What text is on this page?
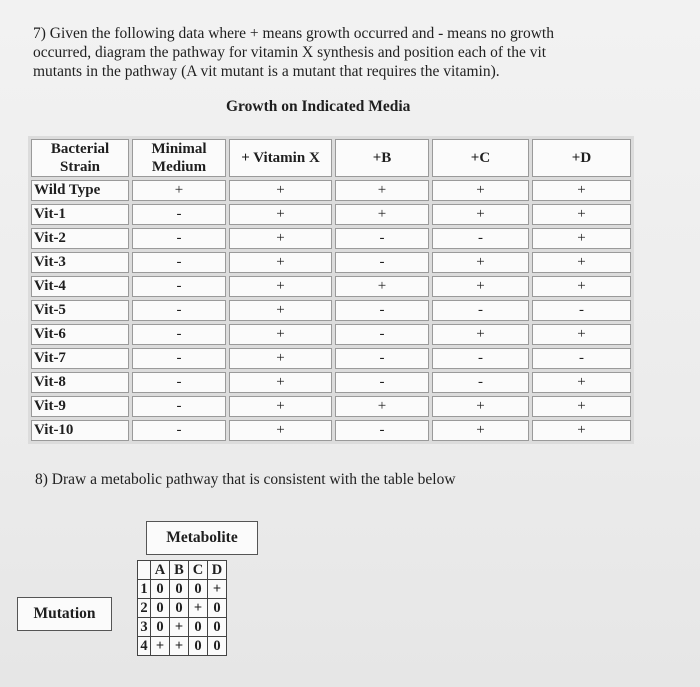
7) Given the following data where + means growth occurred and - means no growth occurred, diagram the pathway for vitamin X synthesis and position each of the vit mutants in the pathway (A vit mutant is a mutant that requires the vitamin).
Growth on Indicated Media
Bacterial Strain	Minimal Medium	+ Vitamin X	+B	+C	+D
Wild Type	+	+	+	+	+
Vit-1	-	+	+	+	+
Vit-2	-	+	-	-	+
Vit-3	-	+	-	+	+
Vit-4	-	+	+	+	+
Vit-5	-	+	-	-	-
Vit-6	-	+	-	+	+
Vit-7	-	+	-	-	-
Vit-8	-	+	-	-	+
Vit-9	-	+	+	+	+
Vit-10	-	+	-	+	+
8) Draw a metabolic pathway that is consistent with the table below
Metabolite
Mutation
	A	B	C	D
1	0	0	0	+
2	0	0	+	0
3	0	+	0	0
4	+	+	0	0
